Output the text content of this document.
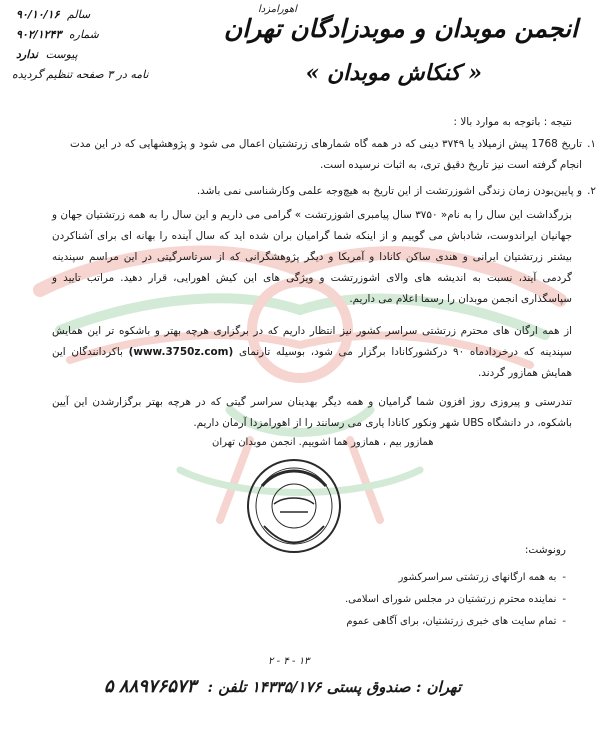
انجمن موبدان و موبدزادگان تهران
« کنکاش موبدان »
اهورامزدا
سالم ۹۰/۱۰/۱۶
شماره ۹۰۲/۱۲۴۳
پیوست ندارد
نامه در ۳ صفحه تنظیم گردیده
نتیجه : باتوجه به موارد بالا :
۱.
تاریخ 1768 پیش ازمیلاد یا ۳۷۴۹ دینی که در همه گاه شمارهای زرتشتیان اعمال می شود و پژوهشهایی که در این مدت انجام گرفته است نیز تاریخ دقیق تری، به اثبات نرسیده است.
۲.
و پایین‌بودن زمان زندگی اشوزرتشت از این تاریخ به هیچ‌وجه علمی وکارشناسی نمی باشد.
بزرگداشت این سال را به نام« ۳۷۵۰ سال پیامبری اشوزرتشت » گرامی می داریم و این سال را به همه زرتشتیان جهان و جهانیان ایراندوست، شادباش می گوییم و از اینکه شما گرامیان بران شده اید که سال آینده را بهانه ای برای آشناکردن بیشتر زرتشتیان ایرانی و هندی ساکن کانادا و آمریکا و دیگر پژوهشگرانی که از سرتاسرگیتی در این مراسم سپندینه گردمی آیند، نسبت به اندیشه های والای اشوزرتشت و ویژگی های این کیش اهورایی، قرار دهید. مراتب تایید و سپاسگذاری انجمن موبدان را رسما اعلام می داریم.
از همه ارگان های محترم زرتشتی سراسر کشور نیز انتظار داریم که در برگزاری هرچه بهتر و باشکوه تر این همایش سپندینه که درخردادماه ۹۰ درکشورکانادا برگزار می شود، بوسیله تارنمای (www.3750z.com) باکردانندگان این همایش همازور گردند.
تندرستی و پیروزی روز افزون شما گرامیان و همه دیگر بهدینان سراسر گیتی که در هرچه بهتر برگزارشدن این آیین باشکوه، در دانشگاه UBS شهر ونکور کانادا یاری می رسانند را از اهورامزدا آرمان داریم.
همازور بیم ، همازور هما اشوییم. انجمن موبدان تهران
رونوشت:
-به همه ارگانهای زرتشتی سراسرکشور
-نماینده محترم زرتشتیان در مجلس شورای اسلامی.
-تمام سایت های خبری زرتشتیان، برای آگاهی عموم
۱۳ - ۴ - ۲
تهران : صندوق پستی ۱۴۳۳۵/۱۷۶ تلفن : ۸۸۹۷۶۵۷۳ ۵
